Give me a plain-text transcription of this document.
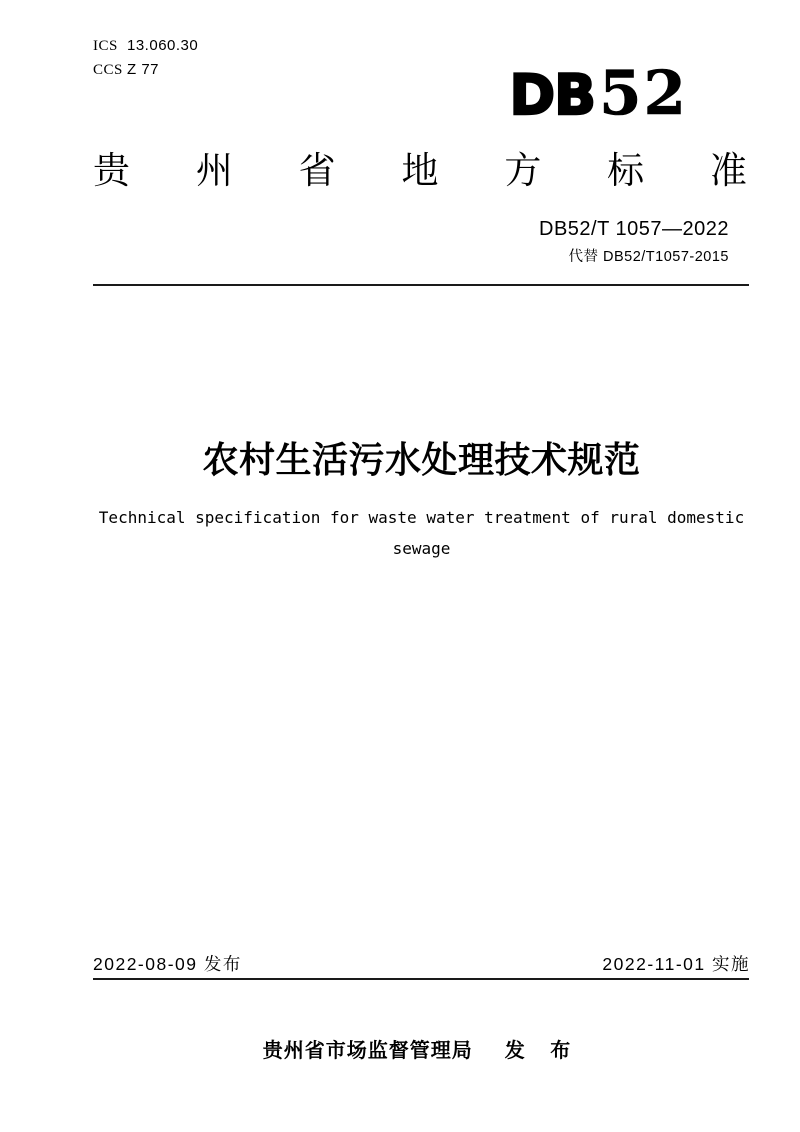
ICS 13.060.30
CCS Z 77	DB52
贵州省地方标准
DB52/T 1057—2022
代替 DB52/T1057-2015
农村生活污水处理技术规范

Technical specification for waste water treatment of rural domestic sewage

2022-08-09 发布	2022-11-01 实施
贵州省市场监督管理局 发 布
